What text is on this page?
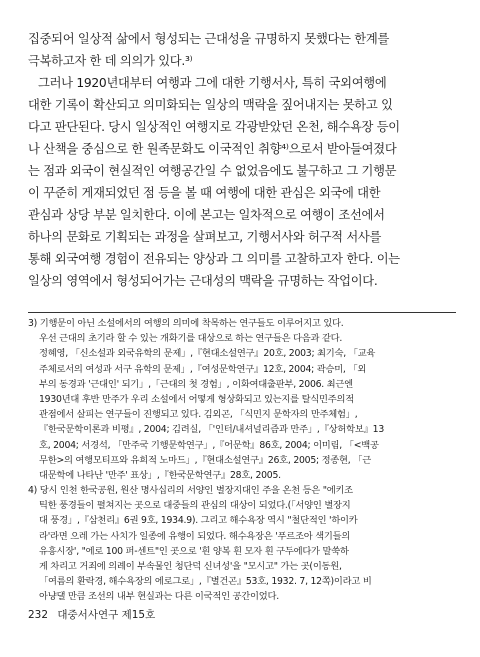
집중되어 일상적 삶에서 형성되는 근대성을 규명하지 못했다는 한계를
극복하고자 한 데 의의가 있다.³⁾
그러나 1920년대부터 여행과 그에 대한 기행서사, 특히 국외여행에
대한 기록이 확산되고 의미화되는 일상의 맥락을 짚어내지는 못하고 있
다고 판단된다. 당시 일상적인 여행지로 각광받았던 온천, 해수욕장 등이
나 산책을 중심으로 한 원족문화도 이국적인 취향⁴⁾으로서 받아들여졌다
는 점과 외국이 현실적인 여행공간일 수 없었음에도 불구하고 그 기행문
이 꾸준히 게재되었던 점 등을 볼 때 여행에 대한 관심은 외국에 대한
관심과 상당 부분 일치한다. 이에 본고는 일차적으로 여행이 조선에서
하나의 문화로 기획되는 과정을 살펴보고, 기행서사와 허구적 서사를
통해 외국여행 경험이 전유되는 양상과 그 의미를 고찰하고자 한다. 이는
일상의 영역에서 형성되어가는 근대성의 맥락을 규명하는 작업이다.
3) 기행문이 아닌 소설에서의 여행의 의미에 착목하는 연구들도 이루어지고 있다.
우선 근대의 초기라 할 수 있는 개화기를 대상으로 하는 연구들은 다음과 같다.
정혜영, 「신소설과 외국유학의 문제」,『현대소설연구』20호, 2003; 최기숙, 「교육
주체로서의 여성과 서구 유학의 문제」,『여성문학연구』12호, 2004; 곽승미, 「외
부의 동경과 '근대인' 되기」,「근대의 첫 경험」, 이화여대출판부, 2006. 최근엔
1930년대 후반 만주가 우리 소설에서 어떻게 형상화되고 있는지를 탈식민주의적
관점에서 살피는 연구들이 진행되고 있다. 김외곤, 「식민지 문학자의 만주체험」,
『한국문학이론과 비평』, 2004; 김려실, 「'인터/내셔널리즘과 만주」,『상허학보』13
호, 2004; 서경석, 「만주국 기행문학연구」,『어문학』86호, 2004; 이미림, 「<백공
무한>의 여행모티프와 유희적 노마드」,『현대소설연구』26호, 2005; 정종현, 「근
대문학에 나타난 '만주' 표상」,『한국문학연구』28호, 2005.
4) 당시 인천 한국공원, 원산 명사십리의 서양인 별장지대인 주을 온천 등은 "에키조
틱한 풍경들이 펼쳐지는 곳으로 대중들의 관심의 대상이 되었다.(「서양인 별장지
대 풍경」,『삼천리』6권 9호, 1934.9). 그리고 해수욕장 역시 "철단적인 '하이카
라'라면 으레 가는 사치가 일종에 유행이 되었다. 해수욕장은 '푸르조아 색기들의
유흥시장', "에로 100 퍼-센트"인 곳으로 '흰 양복 흰 모자 흰 구두에다가 말쑥하
게 차리고 거죄에 의례이 부속물인 청단덕 신녀성'을 "모시고" 가는 곳(이동원,
「여름의 환락경, 해수욕장의 에로그로」,『별건곤』53호, 1932. 7, 12쪽)이라고 비
아냥댈 만큼 조선의 내부 현실과는 다른 이국적인 공간이었다.
232 대중서사연구 제15호
